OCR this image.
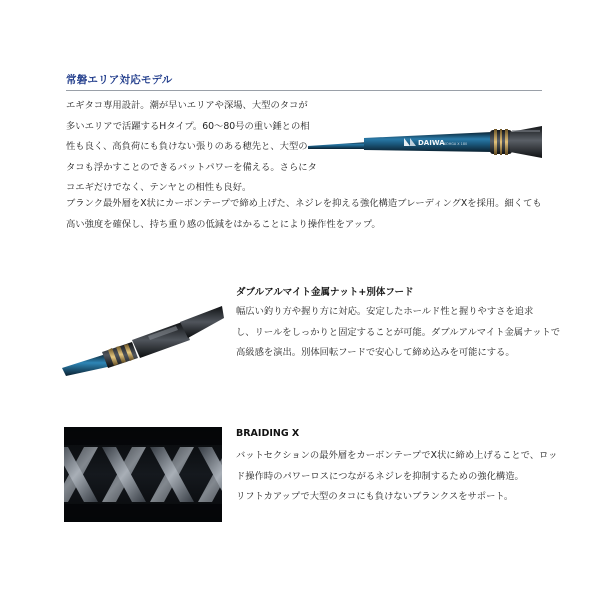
常磐エリア対応モデル
エギタコ専用設計。潮が早いエリアや深場、大型のタコが
多いエリアで活躍するHタイプ。60〜80号の重い錘との相
性も良く、高負荷にも負けない張りのある穂先と、大型の
タコも浮かすことのできるバットパワーを備える。さらにタ
コエギだけでなく、テンヤとの相性も良好。
DAIWA KOHGA X 180
ブランク最外層をX状にカーボンテープで締め上げた、ネジレを抑える強化構造ブレーディングXを採用。細くても
高い強度を確保し、持ち重り感の低減をはかることにより操作性をアップ。
ダブルアルマイト金属ナット+別体フード
幅広い釣り方や握り方に対応。安定したホールド性と握りやすさを追求
し、リールをしっかりと固定することが可能。ダブルアルマイト金属ナットで
高級感を演出。別体回転フードで安心して締め込みを可能にする。
BRAIDING X
バットセクションの最外層をカーボンテープでX状に締め上げることで、ロッ
ド操作時のパワーロスにつながるネジレを抑制するための強化構造。
リフトカアップで大型のタコにも負けないブランクスをサポート。
